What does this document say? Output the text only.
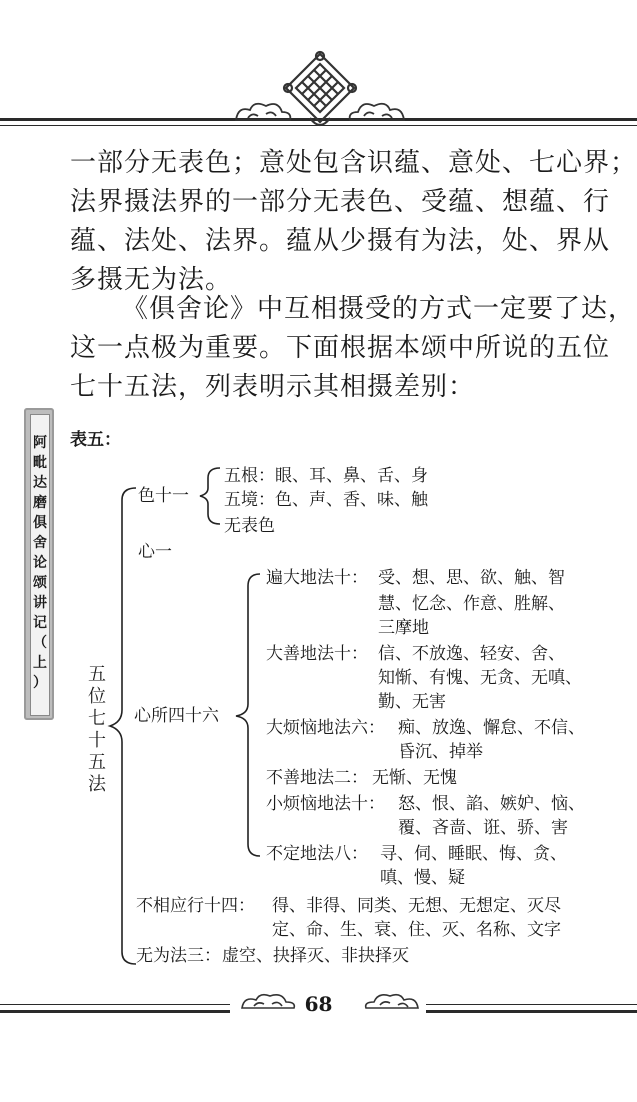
一部分无表色；意处包含识蕴、意处、七心界；
法界摄法界的一部分无表色、受蕴、想蕴、行
蕴、法处、法界。蕴从少摄有为法，处、界从
多摄无为法。
《俱舍论》中互相摄受的方式一定要了达，
这一点极为重要。下面根据本颂中所说的五位
七十五法，列表明示其相摄差别：
阿
毗
达
磨
俱
舍
论
颂
讲
记
（
上
）
表五：
五
位
七
十
五
法
色十一
五根：眼、耳、鼻、舌、身
五境：色、声、香、味、触
无表色
心一
心所四十六
遍大地法十： 受、想、思、欲、触、智
慧、忆念、作意、胜解、
三摩地
大善地法十： 信、不放逸、轻安、舍、
知惭、有愧、无贪、无嗔、
勤、无害
大烦恼地法六： 痴、放逸、懈怠、不信、
昏沉、掉举
不善地法二： 无惭、无愧
小烦恼地法十： 怒、恨、諂、嫉妒、恼、
覆、吝啬、诳、骄、害
不定地法八： 寻、伺、睡眠、悔、贪、
嗔、慢、疑
不相应行十四： 得、非得、同类、无想、无想定、灭尽
定、命、生、衰、住、灭、名称、文字
无为法三： 虚空、抉择灭、非抉择灭
68
